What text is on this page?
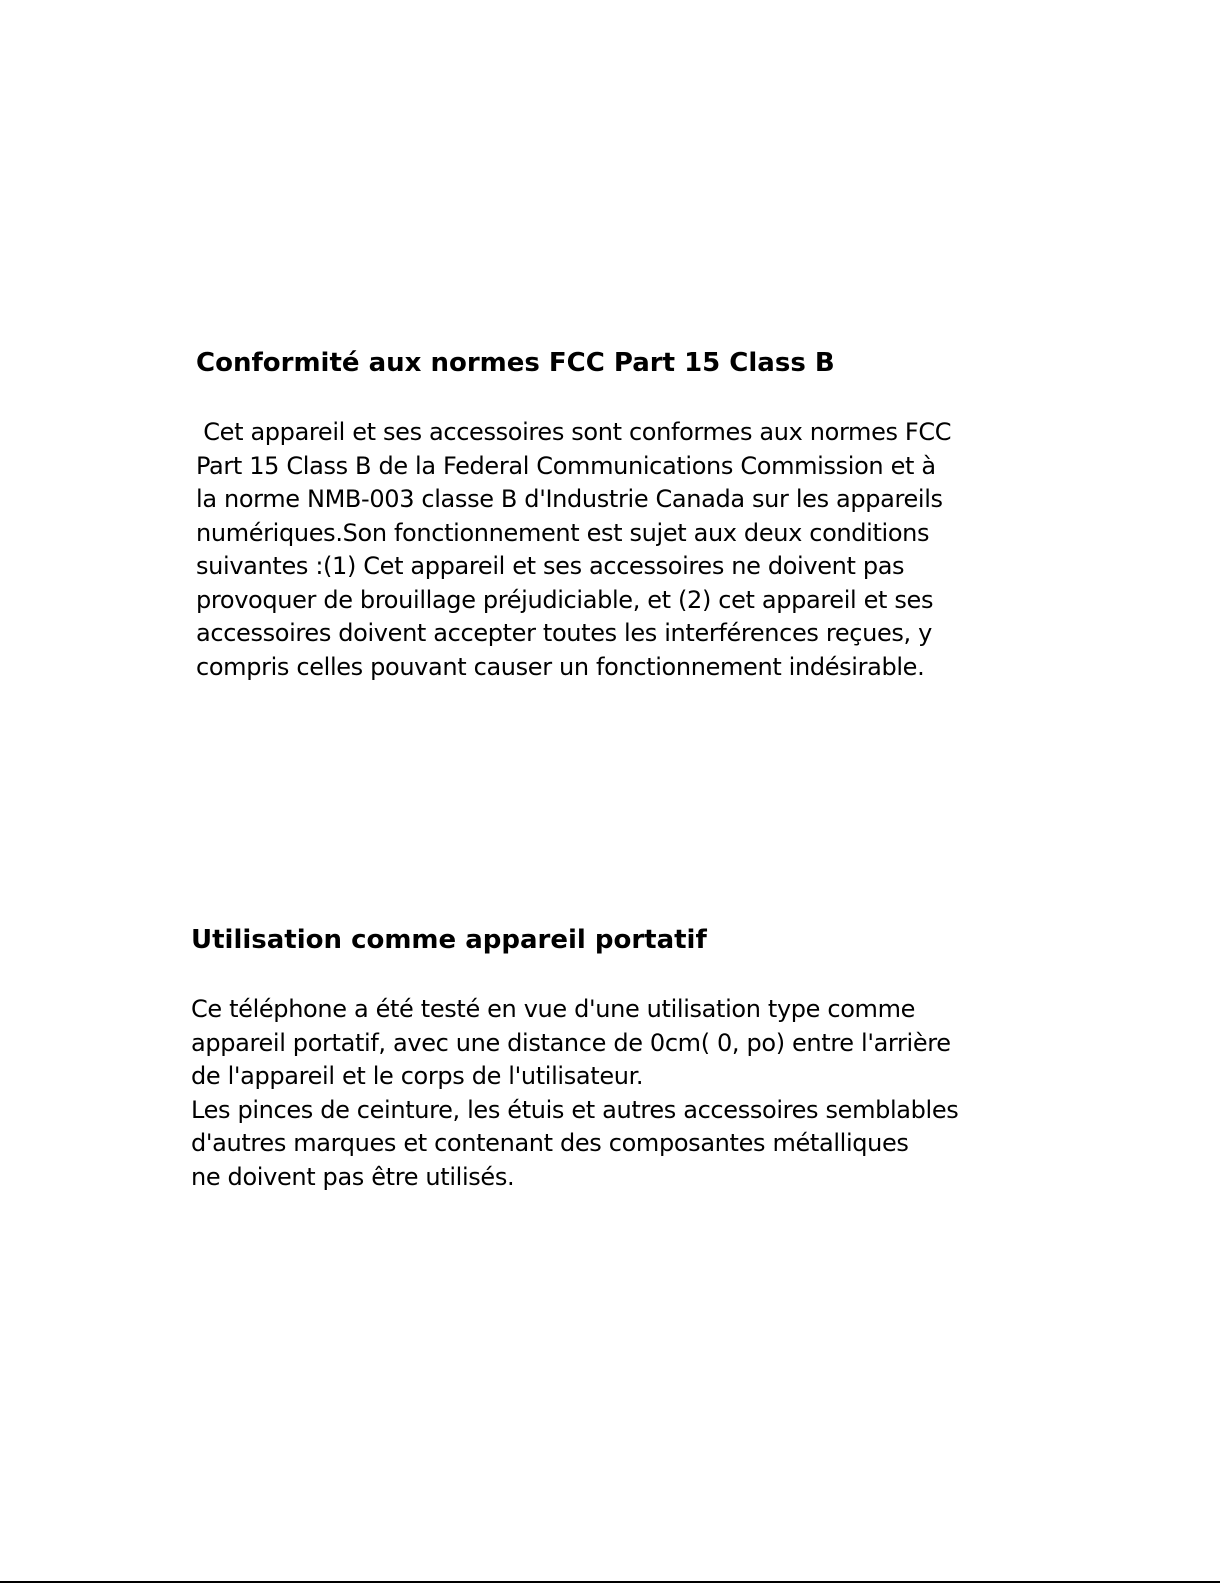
Conformité aux normes FCC Part 15 Class B
Cet appareil et ses accessoires sont conformes aux normes FCC
Part 15 Class B de la Federal Communications Commission et à
la norme NMB-003 classe B d'Industrie Canada sur les appareils
numériques.Son fonctionnement est sujet aux deux conditions
suivantes :(1) Cet appareil et ses accessoires ne doivent pas
provoquer de brouillage préjudiciable, et (2) cet appareil et ses
accessoires doivent accepter toutes les interférences reçues, y
compris celles pouvant causer un fonctionnement indésirable.
Utilisation comme appareil portatif
Ce téléphone a été testé en vue d'une utilisation type comme
appareil portatif, avec une distance de 0cm( 0, po) entre l'arrière
de l'appareil et le corps de l'utilisateur.
Les pinces de ceinture, les étuis et autres accessoires semblables
d'autres marques et contenant des composantes métalliques
ne doivent pas être utilisés.
